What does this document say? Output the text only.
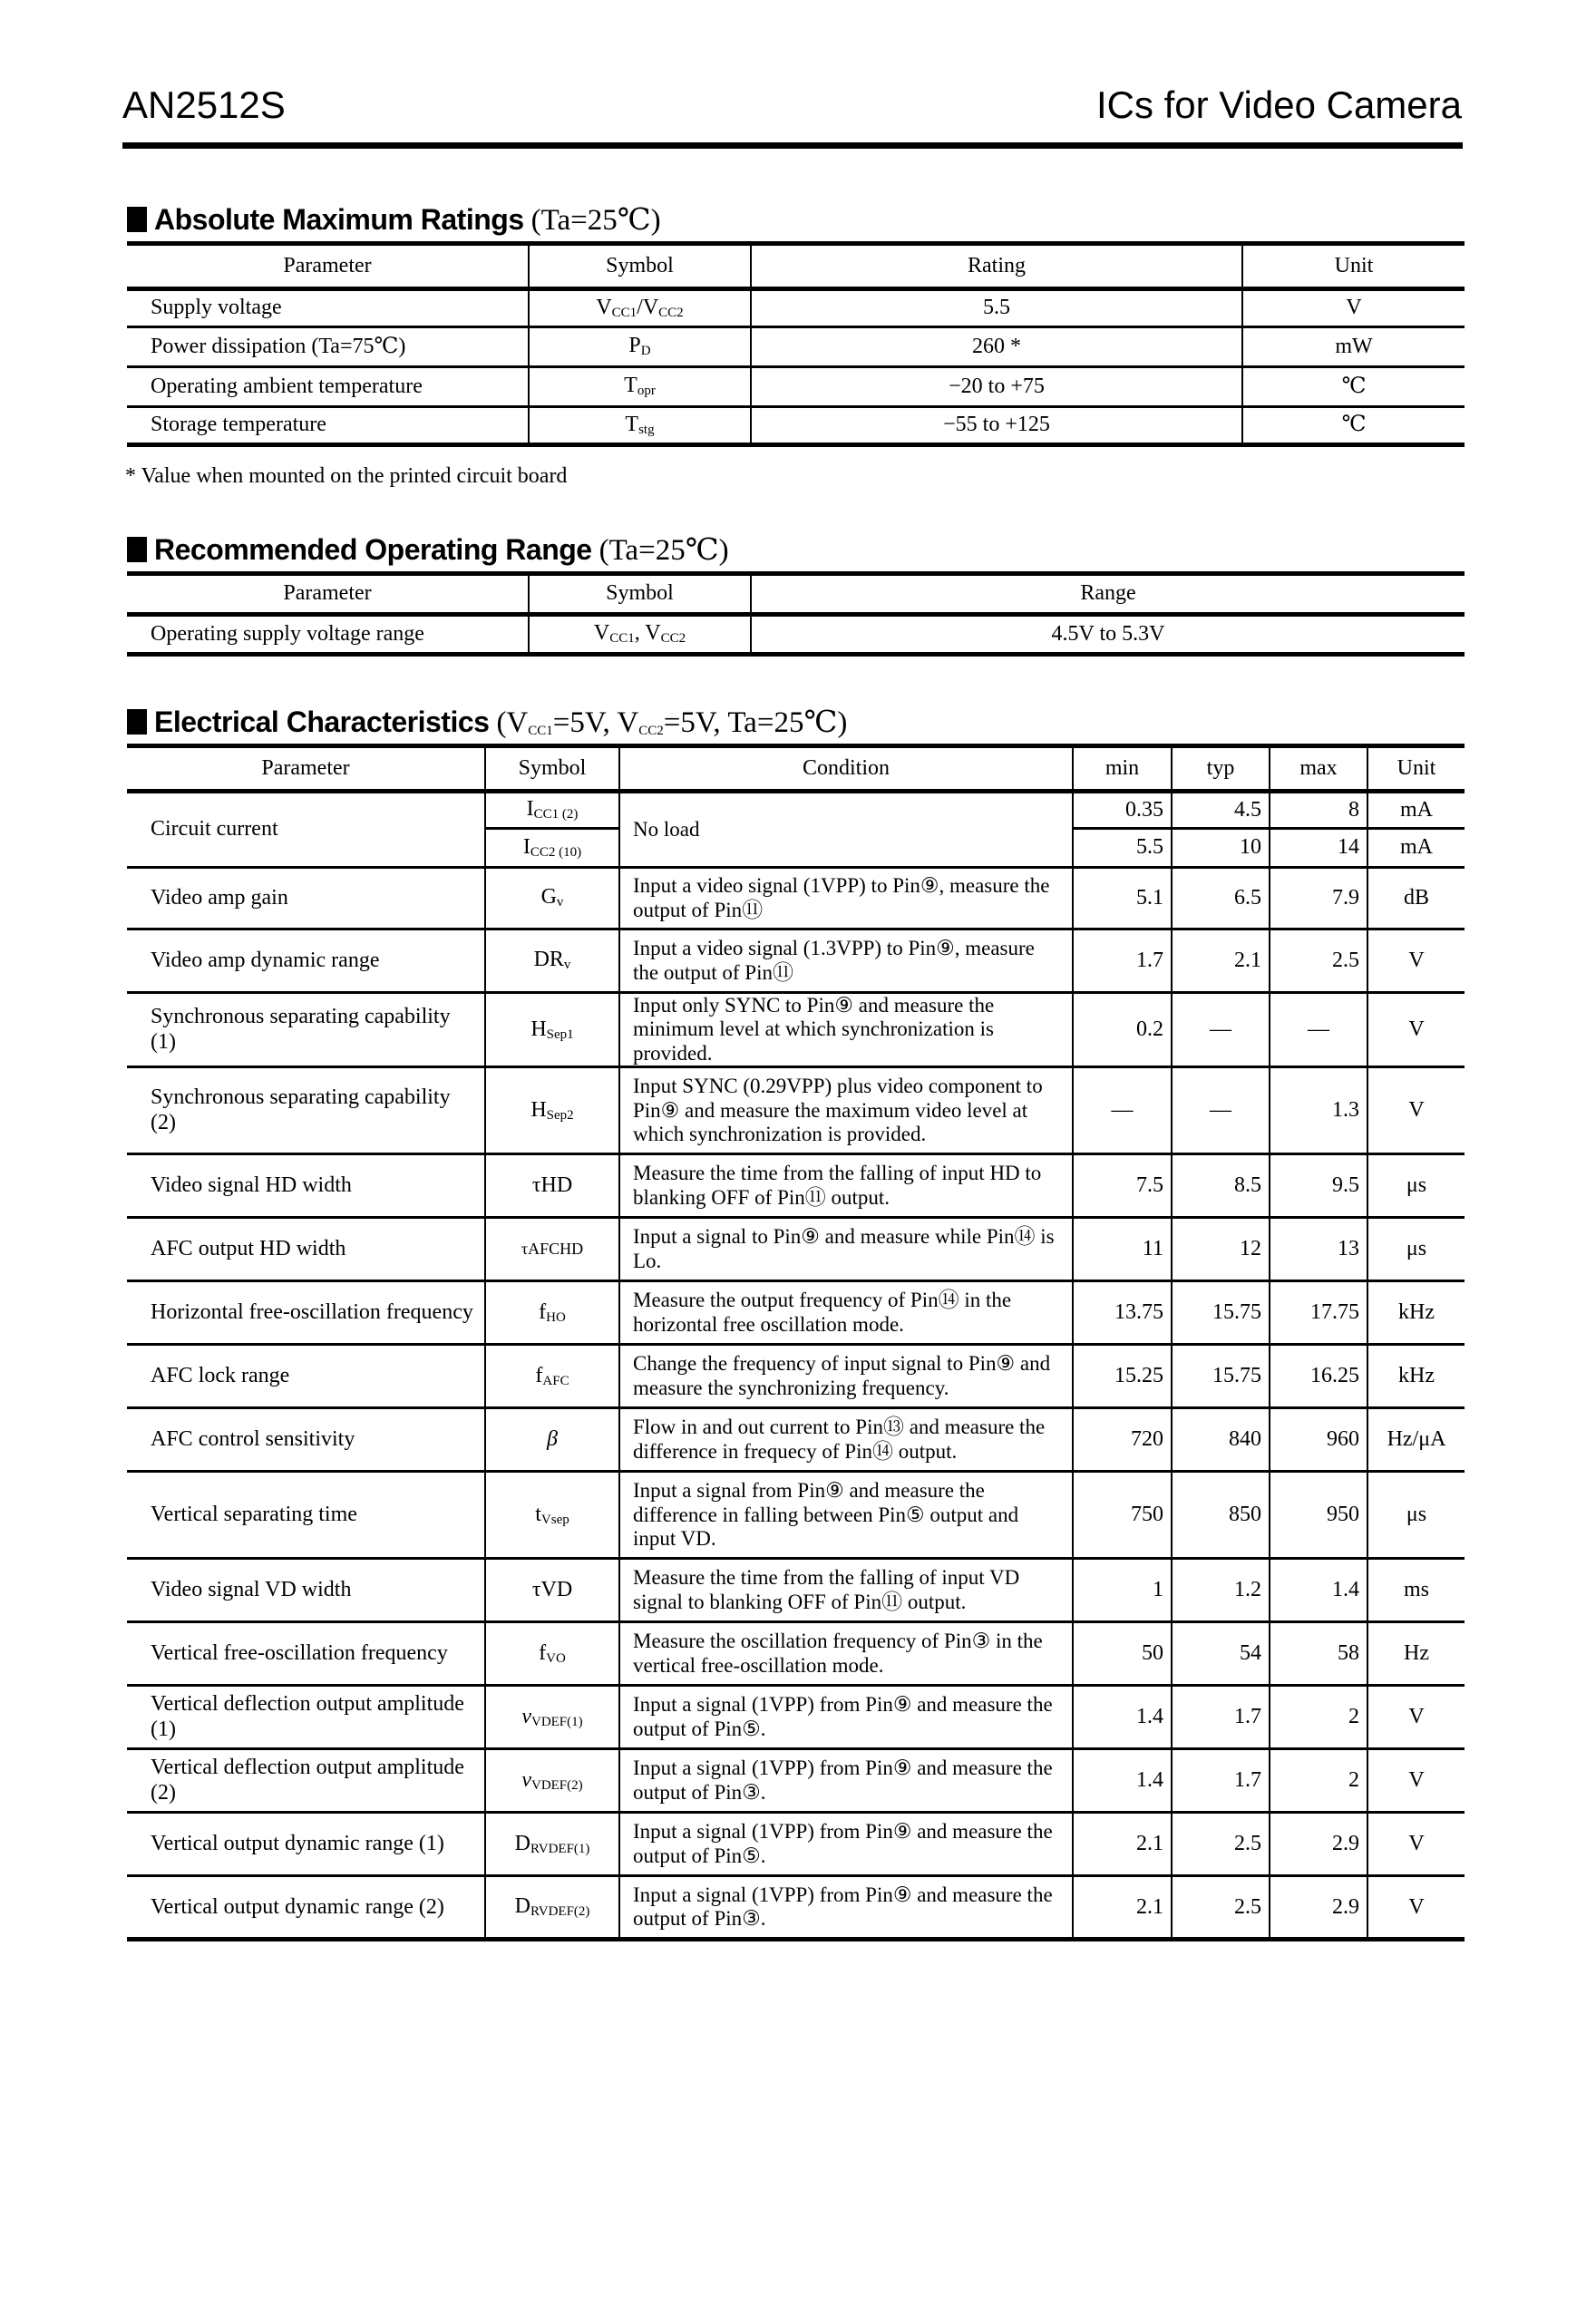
AN2512S	ICs for Video Camera
Absolute Maximum Ratings (Ta=25℃)
Parameter	Symbol	Rating	Unit
Supply voltage	$V_{CC1}/V_{CC2}$	5.5	V
Power dissipation (Ta=75℃)	$P_D$	260 *	mW
Operating ambient temperature	$T_{opr}$	−20 to +75	℃
Storage temperature	$T_{stg}$	−55 to +125	℃
* Value when mounted on the printed circuit board
Recommended Operating Range (Ta=25℃)
Parameter	Symbol	Range
Operating supply voltage range	$V_{CC1}$, $V_{CC2}$	4.5V to 5.3V
Electrical Characteristics ($V_{CC1}=5V$, $V_{CC2}=5V$, Ta=25℃)
Parameter	Symbol	Condition	min	typ	max	Unit
Circuit current	$I_{CC1 (2)}$	No load	0.35	4.5	8	mA
	$I_{CC2 (10)}$		5.5	10	14	mA
Video amp gain	$G_v$	Input a video signal (1VPP) to Pin⑨, measure the output of Pin⑪	5.1	6.5	7.9	dB
Video amp dynamic range	$DR_v$	Input a video signal (1.3VPP) to Pin⑨, measure the output of Pin⑪	1.7	2.1	2.5	V
Synchronous separating capability (1)	$H_{Sep1}$	Input only SYNC to Pin⑨ and measure the minimum level at which synchronization is provided.	0.2	—	—	V
Synchronous separating capability (2)	$H_{Sep2}$	Input SYNC (0.29VPP) plus video component to Pin⑨ and measure the maximum video level at which synchronization is provided.	—	—	1.3	V
Video signal HD width	τHD	Measure the time from the falling of input HD to blanking OFF of Pin⑪ output.	7.5	8.5	9.5	μs
AFC output HD width	τAFCHD	Input a signal to Pin⑨ and measure while Pin⑭ is Lo.	11	12	13	μs
Horizontal free-oscillation frequency	$f_{HO}$	Measure the output frequency of Pin⑭ in the horizontal free oscillation mode.	13.75	15.75	17.75	kHz
AFC lock range	$f_{AFC}$	Change the frequency of input signal to Pin⑨ and measure the synchronizing frequency.	15.25	15.75	16.25	kHz
AFC control sensitivity	β	Flow in and out current to Pin⑬ and measure the difference in frequecy of Pin⑭ output.	720	840	960	Hz/μA
Vertical separating time	$t_{Vsep}$	Input a signal from Pin⑨ and measure the difference in falling between Pin⑤ output and input VD.	750	850	950	μs
Video signal VD width	τVD	Measure the time from the falling of input VD signal to blanking OFF of Pin⑪ output.	1	1.2	1.4	ms
Vertical free-oscillation frequency	$f_{VO}$	Measure the oscillation frequency of Pin③ in the vertical free-oscillation mode.	50	54	58	Hz
Vertical deflection output amplitude (1)	$v_{VDEF(1)}$	Input a signal (1VPP) from Pin⑨ and measure the output of Pin⑤.	1.4	1.7	2	V
Vertical deflection output amplitude (2)	$v_{VDEF(2)}$	Input a signal (1VPP) from Pin⑨ and measure the output of Pin③.	1.4	1.7	2	V
Vertical output dynamic range (1)	$D_{RVDEF(1)}$	Input a signal (1VPP) from Pin⑨ and measure the output of Pin⑤.	2.1	2.5	2.9	V
Vertical output dynamic range (2)	$D_{RVDEF(2)}$	Input a signal (1VPP) from Pin⑨ and measure the output of Pin③.	2.1	2.5	2.9	V
